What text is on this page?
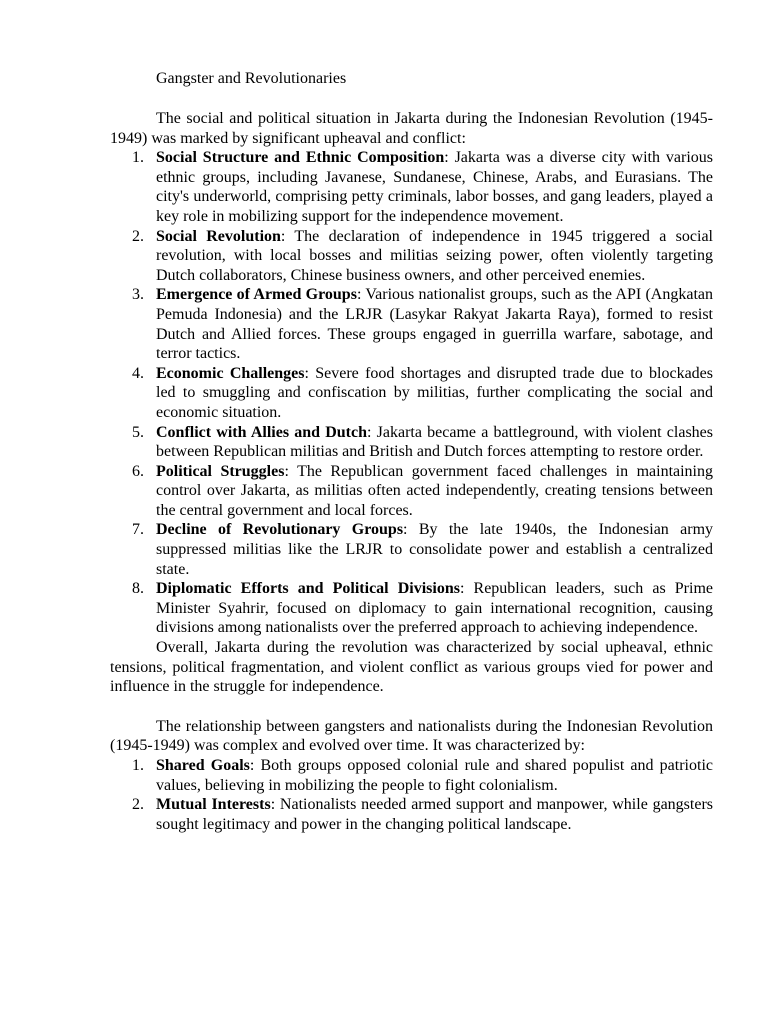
Gangster and Revolutionaries

The social and political situation in Jakarta during the Indonesian Revolution (1945-1949) was marked by significant upheaval and conflict:

1. Social Structure and Ethnic Composition: Jakarta was a diverse city with various ethnic groups, including Javanese, Sundanese, Chinese, Arabs, and Eurasians. The city's underworld, comprising petty criminals, labor bosses, and gang leaders, played a key role in mobilizing support for the independence movement.
2. Social Revolution: The declaration of independence in 1945 triggered a social revolution, with local bosses and militias seizing power, often violently targeting Dutch collaborators, Chinese business owners, and other perceived enemies.
3. Emergence of Armed Groups: Various nationalist groups, such as the API (Angkatan Pemuda Indonesia) and the LRJR (Lasykar Rakyat Jakarta Raya), formed to resist Dutch and Allied forces. These groups engaged in guerrilla warfare, sabotage, and terror tactics.
4. Economic Challenges: Severe food shortages and disrupted trade due to blockades led to smuggling and confiscation by militias, further complicating the social and economic situation.
5. Conflict with Allies and Dutch: Jakarta became a battleground, with violent clashes between Republican militias and British and Dutch forces attempting to restore order.
6. Political Struggles: The Republican government faced challenges in maintaining control over Jakarta, as militias often acted independently, creating tensions between the central government and local forces.
7. Decline of Revolutionary Groups: By the late 1940s, the Indonesian army suppressed militias like the LRJR to consolidate power and establish a centralized state.
8. Diplomatic Efforts and Political Divisions: Republican leaders, such as Prime Minister Syahrir, focused on diplomacy to gain international recognition, causing divisions among nationalists over the preferred approach to achieving independence.

Overall, Jakarta during the revolution was characterized by social upheaval, ethnic tensions, political fragmentation, and violent conflict as various groups vied for power and influence in the struggle for independence.

The relationship between gangsters and nationalists during the Indonesian Revolution (1945-1949) was complex and evolved over time. It was characterized by:

1. Shared Goals: Both groups opposed colonial rule and shared populist and patriotic values, believing in mobilizing the people to fight colonialism.
2. Mutual Interests: Nationalists needed armed support and manpower, while gangsters sought legitimacy and power in the changing political landscape.
